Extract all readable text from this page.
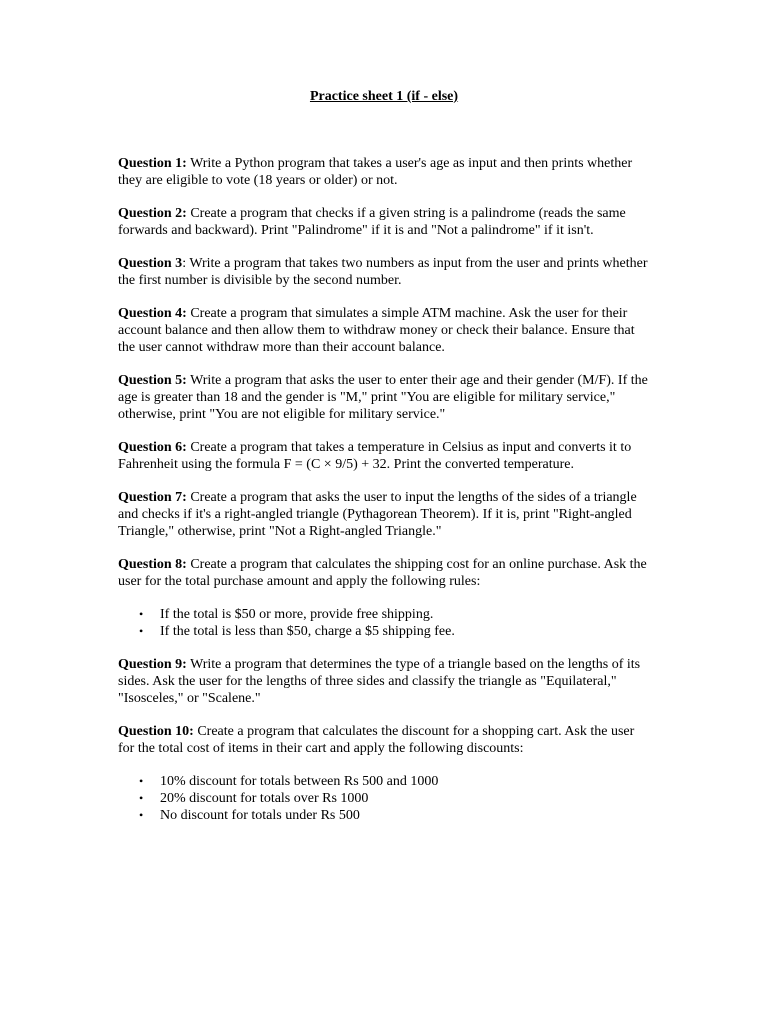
Practice sheet 1 (if - else)

Question 1: Write a Python program that takes a user's age as input and then prints whether they are eligible to vote (18 years or older) or not.

Question 2: Create a program that checks if a given string is a palindrome (reads the same forwards and backward). Print "Palindrome" if it is and "Not a palindrome" if it isn't.

Question 3: Write a program that takes two numbers as input from the user and prints whether the first number is divisible by the second number.

Question 4: Create a program that simulates a simple ATM machine. Ask the user for their account balance and then allow them to withdraw money or check their balance. Ensure that the user cannot withdraw more than their account balance.

Question 5: Write a program that asks the user to enter their age and their gender (M/F). If the age is greater than 18 and the gender is "M," print "You are eligible for military service," otherwise, print "You are not eligible for military service."

Question 6: Create a program that takes a temperature in Celsius as input and converts it to Fahrenheit using the formula F = (C × 9/5) + 32. Print the converted temperature.

Question 7: Create a program that asks the user to input the lengths of the sides of a triangle and checks if it's a right-angled triangle (Pythagorean Theorem). If it is, print "Right-angled Triangle," otherwise, print "Not a Right-angled Triangle."

Question 8: Create a program that calculates the shipping cost for an online purchase. Ask the user for the total purchase amount and apply the following rules:

• If the total is $50 or more, provide free shipping.
• If the total is less than $50, charge a $5 shipping fee.

Question 9: Write a program that determines the type of a triangle based on the lengths of its sides. Ask the user for the lengths of three sides and classify the triangle as "Equilateral," "Isosceles," or "Scalene."

Question 10: Create a program that calculates the discount for a shopping cart. Ask the user for the total cost of items in their cart and apply the following discounts:

• 10% discount for totals between Rs 500 and 1000
• 20% discount for totals over Rs 1000
• No discount for totals under Rs 500
